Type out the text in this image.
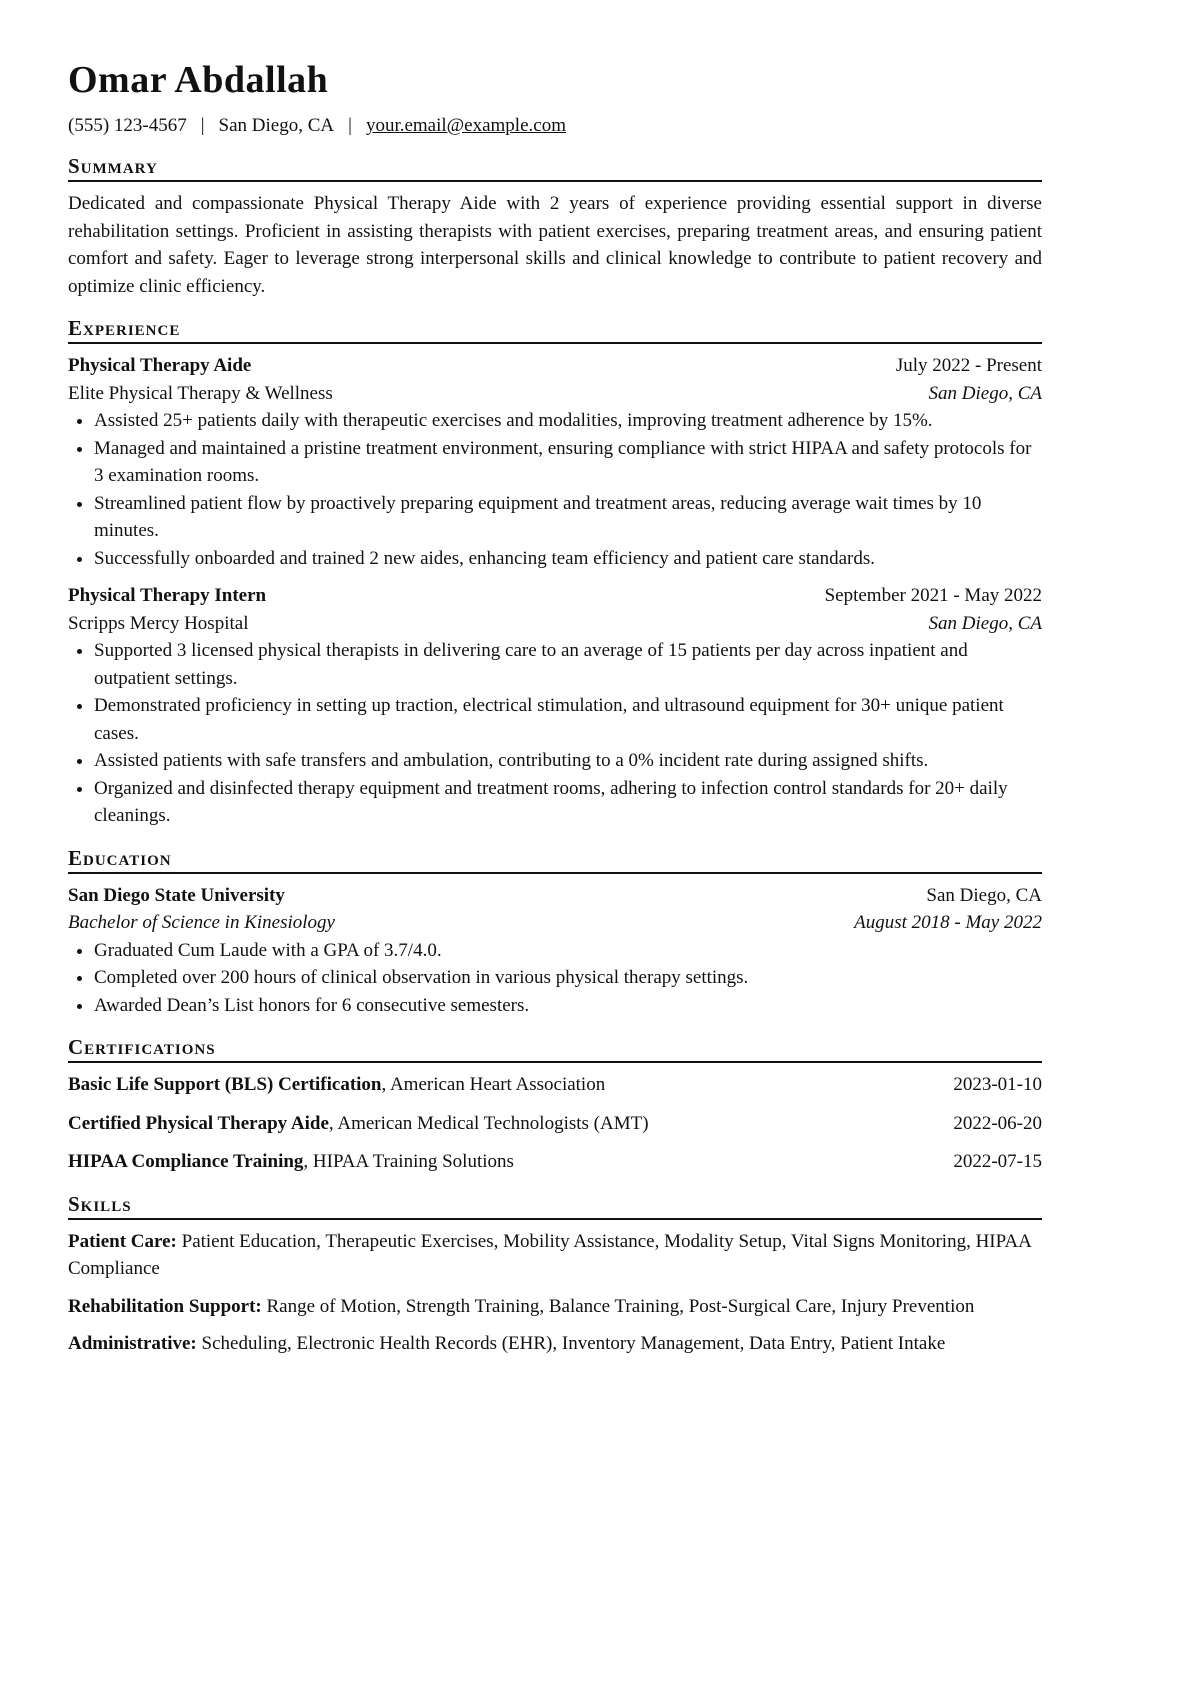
Omar Abdallah
(555) 123-4567 | San Diego, CA | your.email@example.com
Summary

Dedicated and compassionate Physical Therapy Aide with 2 years of experience providing essential support in diverse rehabilitation settings. Proficient in assisting therapists with patient exercises, preparing treatment areas, and ensuring patient comfort and safety. Eager to leverage strong interpersonal skills and clinical knowledge to contribute to patient recovery and optimize clinic efficiency.

Experience
Physical Therapy Aide	July 2022 - Present
Elite Physical Therapy & Wellness	San Diego, CA
• Assisted 25+ patients daily with therapeutic exercises and modalities, improving treatment adherence by 15%.
• Managed and maintained a pristine treatment environment, ensuring compliance with strict HIPAA and safety protocols for 3 examination rooms.
• Streamlined patient flow by proactively preparing equipment and treatment areas, reducing average wait times by 10 minutes.
• Successfully onboarded and trained 2 new aides, enhancing team efficiency and patient care standards.
Physical Therapy Intern	September 2021 - May 2022
Scripps Mercy Hospital	San Diego, CA
• Supported 3 licensed physical therapists in delivering care to an average of 15 patients per day across inpatient and outpatient settings.
• Demonstrated proficiency in setting up traction, electrical stimulation, and ultrasound equipment for 30+ unique patient cases.
• Assisted patients with safe transfers and ambulation, contributing to a 0% incident rate during assigned shifts.
• Organized and disinfected therapy equipment and treatment rooms, adhering to infection control standards for 20+ daily cleanings.
Education
San Diego State University	San Diego, CA
Bachelor of Science in Kinesiology	August 2018 - May 2022
• Graduated Cum Laude with a GPA of 3.7/4.0.
• Completed over 200 hours of clinical observation in various physical therapy settings.
• Awarded Dean’s List honors for 6 consecutive semesters.
Certifications
Basic Life Support (BLS) Certification, American Heart Association	2023-01-10
Certified Physical Therapy Aide, American Medical Technologists (AMT)	2022-06-20
HIPAA Compliance Training, HIPAA Training Solutions	2022-07-15
Skills
Patient Care: Patient Education, Therapeutic Exercises, Mobility Assistance, Modality Setup, Vital Signs Monitoring, HIPAA Compliance
Rehabilitation Support: Range of Motion, Strength Training, Balance Training, Post-Surgical Care, Injury Prevention
Administrative: Scheduling, Electronic Health Records (EHR), Inventory Management, Data Entry, Patient Intake
